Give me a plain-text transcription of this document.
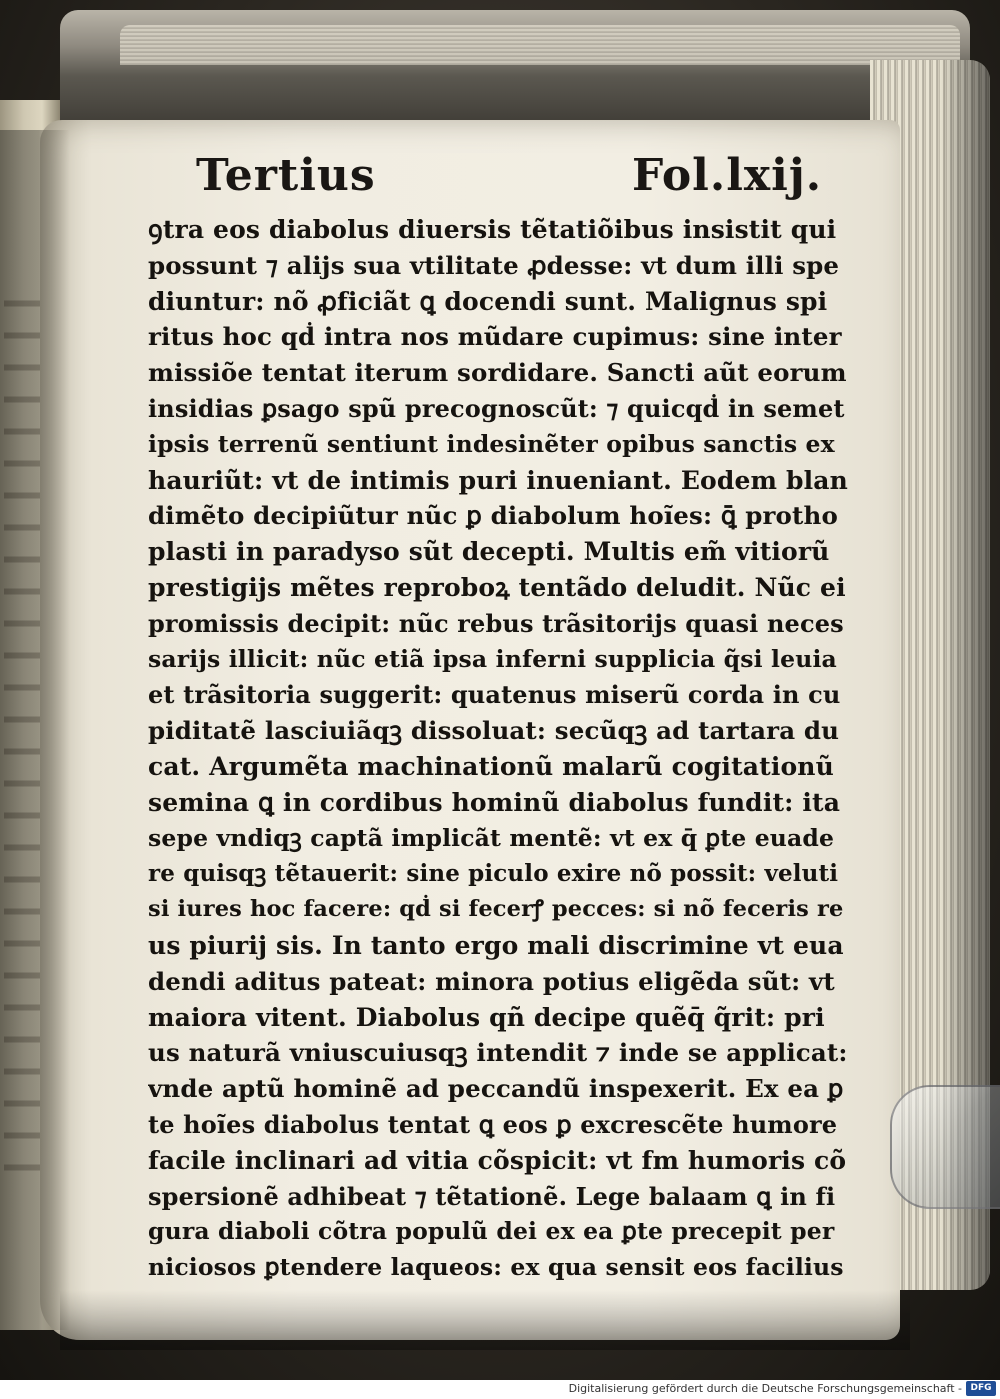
Tertius	Fol.lxij.
ꝯtra eos diabolus diuersis tẽtatiõibus insistit qui
possunt ⁊ alijs sua vtilitate ꝓdesse: vt dum illi spe
diuntur: nõ ꝓficiãt ꝗ docendi sunt. Malignus spi
ritus hoc qḋ intra nos mũdare cupimus: sine inter
missiõe tentat iterum sordidare. Sancti aũt eorum
insidias ꝑsago spũ precognoscũt: ⁊ quicqḋ in semet
ipsis terrenũ sentiunt indesinẽter opibus sanctis ex
hauriũt: vt de intimis puri inueniant. Eodem blan
dimẽto decipiũtur nũc ꝑ diabolum hoĩes: ꝗ̄ protho
plasti in paradyso sũt decepti. Multis em̃ vitiorũ
prestigijs mẽtes reproboꝝ tentãdo deludit. Nũc ei
promissis decipit: nũc rebus trãsitorijs quasi neces
sarijs illicit: nũc etiã ipsa inferni supplicia q̃si leuia
et trãsitoria suggerit: quatenus miserũ corda in cu
piditatẽ lasciuiãqꝫ dissoluat: secũqꝫ ad tartara du
cat. Argumẽta machinationũ malarũ cogitationũ
semina ꝗ in cordibus hominũ diabolus fundit: ita
sepe vndiqꝫ captã implicãt mentẽ: vt ex q̄ ꝑte euade
re quisqꝫ tẽtauerit: sine piculo exire nõ possit: veluti
si iures hoc facere: qḋ si fecerꝭ pecces: si nõ feceris re
us piurij sis. In tanto ergo mali discrimine vt eua
dendi aditus pateat: minora potius eligẽda sũt: vt
maiora vitent. Diabolus qñ decipe quẽq̄ q̃rit: pri
us naturã vniuscuiusqꝫ intendit ⁊ inde se applicat:
vnde aptũ hominẽ ad peccandũ inspexerit. Ex ea ꝑ
te hoĩes diabolus tentat ꝗ eos ꝑ excrescẽte humore
facile inclinari ad vitia cõspicit: vt fm humoris cõ
spersionẽ adhibeat ⁊ tẽtationẽ. Lege balaam ꝗ in fi
gura diaboli cõtra populũ dei ex ea ꝑte precepit per
niciosos ꝑtendere laqueos: ex qua sensit eos facilius
Digitalisierung gefördert durch die Deutsche Forschungsgemeinschaft - DFG
